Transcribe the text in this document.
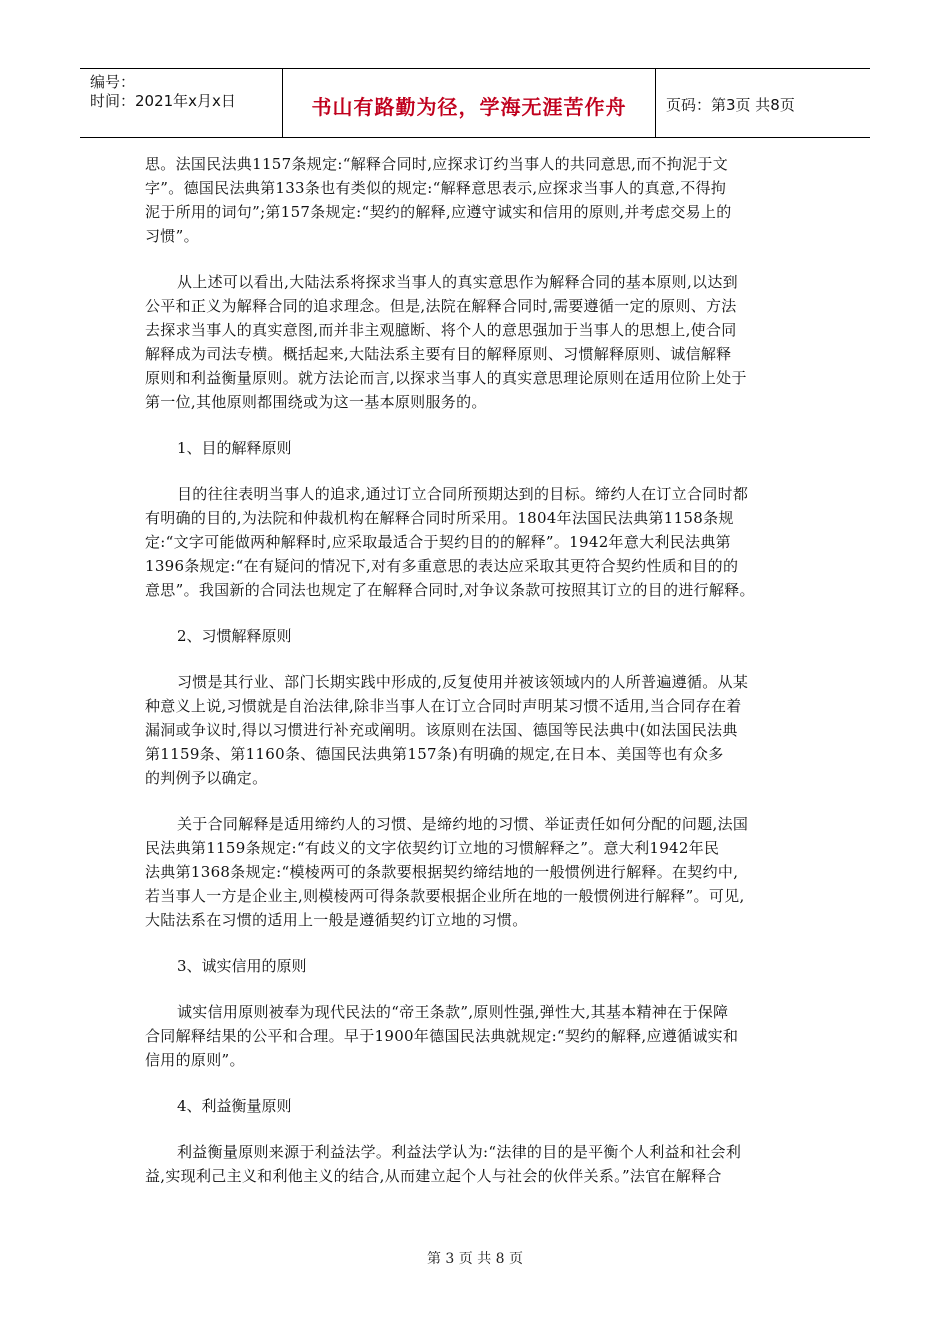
编号：
时间：2021年x月x日	书山有路勤为径，学海无涯苦作舟	页码：第3页 共8页

思。法国民法典1157条规定:“解释合同时,应探求订约当事人的共同意思,而不拘泥于文
字”。德国民法典第133条也有类似的规定:“解释意思表示,应探求当事人的真意,不得拘
泥于所用的词句”;第157条规定:“契约的解释,应遵守诚实和信用的原则,并考虑交易上的
习惯”。

从上述可以看出,大陆法系将探求当事人的真实意思作为解释合同的基本原则,以达到
公平和正义为解释合同的追求理念。但是,法院在解释合同时,需要遵循一定的原则、方法
去探求当事人的真实意图,而并非主观臆断、将个人的意思强加于当事人的思想上,使合同
解释成为司法专横。概括起来,大陆法系主要有目的解释原则、习惯解释原则、诚信解释
原则和利益衡量原则。就方法论而言,以探求当事人的真实意思理论原则在适用位阶上处于
第一位,其他原则都围绕或为这一基本原则服务的。

1、目的解释原则

目的往往表明当事人的追求,通过订立合同所预期达到的目标。缔约人在订立合同时都
有明确的目的,为法院和仲裁机构在解释合同时所采用。1804年法国民法典第1158条规
定:“文字可能做两种解释时,应采取最适合于契约目的的解释”。1942年意大利民法典第
1396条规定:“在有疑问的情况下,对有多重意思的表达应采取其更符合契约性质和目的的
意思”。我国新的合同法也规定了在解释合同时,对争议条款可按照其订立的目的进行解释。

2、习惯解释原则

习惯是其行业、部门长期实践中形成的,反复使用并被该领域内的人所普遍遵循。从某
种意义上说,习惯就是自治法律,除非当事人在订立合同时声明某习惯不适用,当合同存在着
漏洞或争议时,得以习惯进行补充或阐明。该原则在法国、德国等民法典中(如法国民法典
第1159条、第1160条、德国民法典第157条)有明确的规定,在日本、美国等也有众多
的判例予以确定。

关于合同解释是适用缔约人的习惯、是缔约地的习惯、举证责任如何分配的问题,法国
民法典第1159条规定:“有歧义的文字依契约订立地的习惯解释之”。意大利1942年民
法典第1368条规定:“模棱两可的条款要根据契约缔结地的一般惯例进行解释。在契约中,
若当事人一方是企业主,则模棱两可得条款要根据企业所在地的一般惯例进行解释”。可见,
大陆法系在习惯的适用上一般是遵循契约订立地的习惯。

3、诚实信用的原则

诚实信用原则被奉为现代民法的“帝王条款”,原则性强,弹性大,其基本精神在于保障
合同解释结果的公平和合理。早于1900年德国民法典就规定:“契约的解释,应遵循诚实和
信用的原则”。

4、利益衡量原则

利益衡量原则来源于利益法学。利益法学认为:“法律的目的是平衡个人利益和社会利
益,实现利己主义和利他主义的结合,从而建立起个人与社会的伙伴关系。”法官在解释合

第 3 页 共 8 页
